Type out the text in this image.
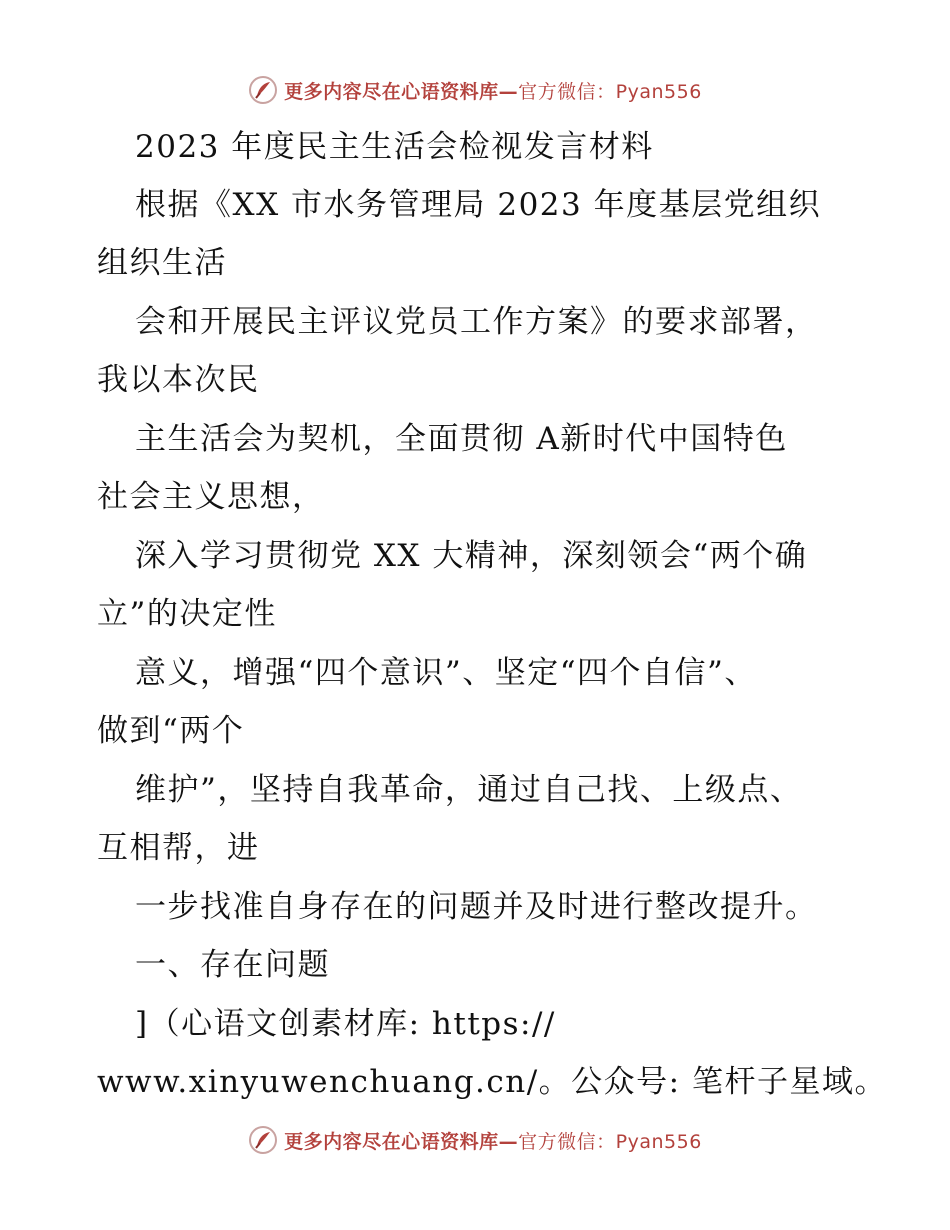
更多内容尽在心语资料库—官方微信：Pyan556
2023 年度民主生活会检视发言材料
根据《XX 市水务管理局 2023 年度基层党组织
组织生活
会和开展民主评议党员工作方案》的要求部署，
我以本次民
主生活会为契机，全面贯彻 A新时代中国特色
社会主义思想，
深入学习贯彻党 XX 大精神，深刻领会“两个确
立”的决定性
意义，增强“四个意识”、坚定“四个自信”、
做到“两个
维护”，坚持自我革命，通过自己找、上级点、
互相帮，进
一步找准自身存在的问题并及时进行整改提升。
一、存在问题
]（心语文创素材库: https://
www.xinyuwenchuang.cn/。公众号: 笔杆子星域。
更多内容尽在心语资料库—官方微信：Pyan556
